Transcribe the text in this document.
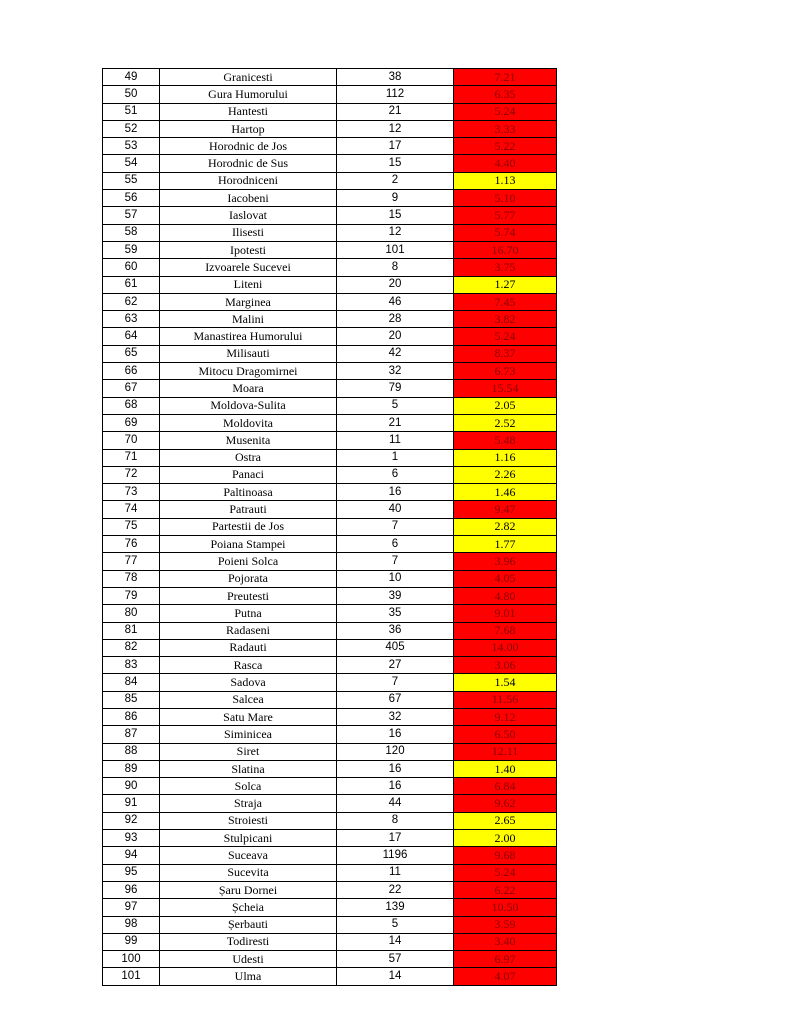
49	Granicesti	38	7.21
50	Gura Humorului	112	6.35
51	Hantesti	21	5.24
52	Hartop	12	3.33
53	Horodnic de Jos	17	5.22
54	Horodnic de Sus	15	4.40
55	Horodniceni	2	1.13
56	Iacobeni	9	5.10
57	Iaslovat	15	5.77
58	Ilisesti	12	5.74
59	Ipotesti	101	16.70
60	Izvoarele Sucevei	8	3.75
61	Liteni	20	1.27
62	Marginea	46	7.45
63	Malini	28	3.82
64	Manastirea Humorului	20	5.24
65	Milisauti	42	8.37
66	Mitocu Dragomirnei	32	6.73
67	Moara	79	15.54
68	Moldova-Sulita	5	2.05
69	Moldovita	21	2.52
70	Musenita	11	5.48
71	Ostra	1	1.16
72	Panaci	6	2.26
73	Paltinoasa	16	1.46
74	Patrauti	40	9.47
75	Partestii de Jos	7	2.82
76	Poiana Stampei	6	1.77
77	Poieni Solca	7	3.96
78	Pojorata	10	4.05
79	Preutesti	39	4.80
80	Putna	35	9.01
81	Radaseni	36	7.68
82	Radauti	405	14.00
83	Rasca	27	3.06
84	Sadova	7	1.54
85	Salcea	67	11.56
86	Satu Mare	32	9.12
87	Siminicea	16	6.50
88	Siret	120	12.11
89	Slatina	16	1.40
90	Solca	16	6.84
91	Straja	44	9.62
92	Stroiesti	8	2.65
93	Stulpicani	17	2.00
94	Suceava	1196	9.68
95	Sucevita	11	5.24
96	Șaru Dornei	22	6.22
97	Șcheia	139	10.50
98	Șerbauti	5	3.59
99	Todiresti	14	3.40
100	Udesti	57	6.97
101	Ulma	14	4.07
